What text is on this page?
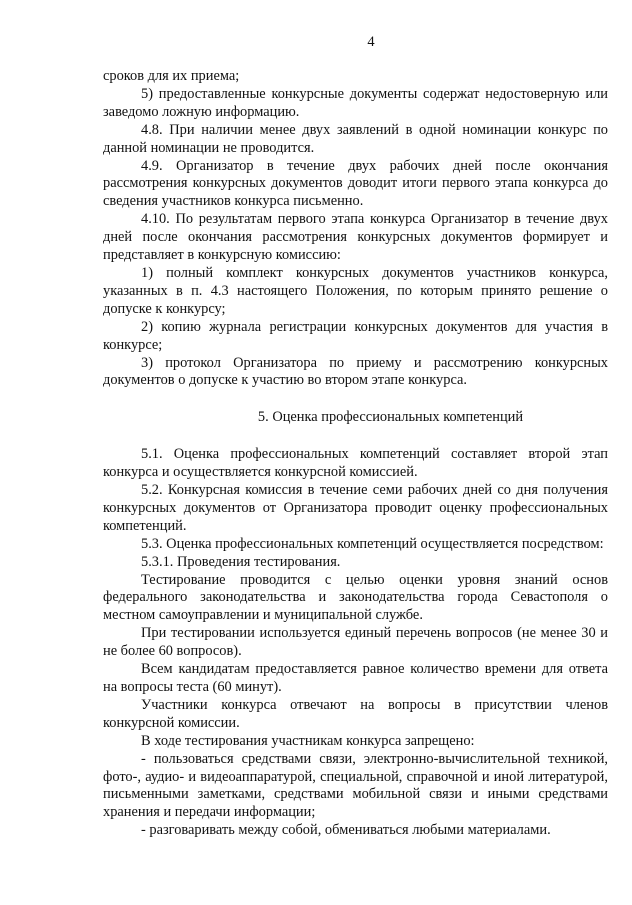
4

сроков для их приема;

5) предоставленные конкурсные документы содержат недостоверную или заведомо ложную информацию.

4.8. При наличии менее двух заявлений в одной номинации конкурс по данной номинации не проводится.

4.9. Организатор в течение двух рабочих дней после окончания рассмотрения конкурсных документов доводит итоги первого этапа конкурса до сведения участников конкурса письменно.

4.10. По результатам первого этапа конкурса Организатор в течение двух дней после окончания рассмотрения конкурсных документов формирует и представляет в конкурсную комиссию:

1) полный комплект конкурсных документов участников конкурса, указанных в п. 4.3 настоящего Положения, по которым принято решение о допуске к конкурсу;

2) копию журнала регистрации конкурсных документов для участия в конкурсе;

3) протокол Организатора по приему и рассмотрению конкурсных документов о допуске к участию во втором этапе конкурса.

5. Оценка профессиональных компетенций

5.1. Оценка профессиональных компетенций составляет второй этап конкурса и осуществляется конкурсной комиссией.

5.2. Конкурсная комиссия в течение семи рабочих дней со дня получения конкурсных документов от Организатора проводит оценку профессиональных компетенций.

5.3. Оценка профессиональных компетенций осуществляется посредством:

5.3.1. Проведения тестирования.

Тестирование проводится с целью оценки уровня знаний основ федерального законодательства и законодательства города Севастополя о местном самоуправлении и муниципальной службе.

При тестировании используется единый перечень вопросов (не менее 30 и не более 60 вопросов).

Всем кандидатам предоставляется равное количество времени для ответа на вопросы теста (60 минут).

Участники конкурса отвечают на вопросы в присутствии членов конкурсной комиссии.

В ходе тестирования участникам конкурса запрещено:

- пользоваться средствами связи, электронно-вычислительной техникой, фото-, аудио- и видеоаппаратурой, специальной, справочной и иной литературой, письменными заметками, средствами мобильной связи и иными средствами хранения и передачи информации;

- разговаривать между собой, обмениваться любыми материалами.
